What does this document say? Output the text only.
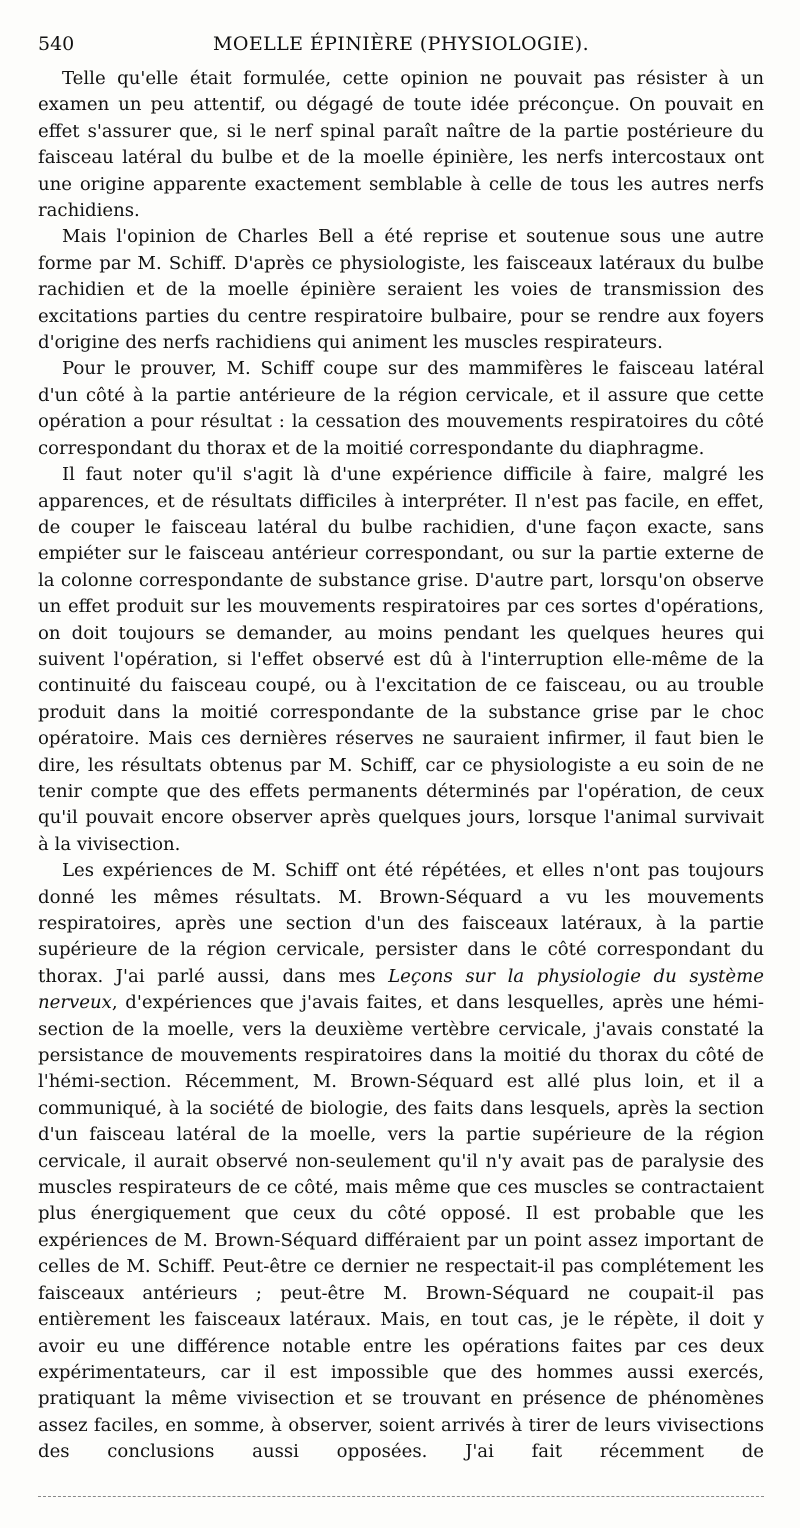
540	MOELLE ÉPINIÈRE (PHYSIOLOGIE).

Telle qu'elle était formulée, cette opinion ne pouvait pas résister à un examen un peu attentif, ou dégagé de toute idée préconçue. On pouvait en effet s'assurer que, si le nerf spinal paraît naître de la partie postérieure du faisceau latéral du bulbe et de la moelle épinière, les nerfs intercostaux ont une origine apparente exactement semblable à celle de tous les autres nerfs rachidiens.

Mais l'opinion de Charles Bell a été reprise et soutenue sous une autre forme par M. Schiff. D'après ce physiologiste, les faisceaux latéraux du bulbe rachidien et de la moelle épinière seraient les voies de transmission des excitations parties du centre respiratoire bulbaire, pour se rendre aux foyers d'origine des nerfs rachidiens qui animent les muscles respirateurs.

Pour le prouver, M. Schiff coupe sur des mammifères le faisceau latéral d'un côté à la partie antérieure de la région cervicale, et il assure que cette opération a pour résultat : la cessation des mouvements respiratoires du côté correspondant du thorax et de la moitié correspondante du diaphragme.

Il faut noter qu'il s'agit là d'une expérience difficile à faire, malgré les apparences, et de résultats difficiles à interpréter. Il n'est pas facile, en effet, de couper le faisceau latéral du bulbe rachidien, d'une façon exacte, sans empiéter sur le faisceau antérieur correspondant, ou sur la partie externe de la colonne correspondante de substance grise. D'autre part, lorsqu'on observe un effet produit sur les mouvements respiratoires par ces sortes d'opérations, on doit toujours se demander, au moins pendant les quelques heures qui suivent l'opération, si l'effet observé est dû à l'interruption elle-même de la continuité du faisceau coupé, ou à l'excitation de ce faisceau, ou au trouble produit dans la moitié correspondante de la substance grise par le choc opératoire. Mais ces dernières réserves ne sauraient infirmer, il faut bien le dire, les résultats obtenus par M. Schiff, car ce physiologiste a eu soin de ne tenir compte que des effets permanents déterminés par l'opération, de ceux qu'il pouvait encore observer après quelques jours, lorsque l'animal survivait à la vivisection.

Les expériences de M. Schiff ont été répétées, et elles n'ont pas toujours donné les mêmes résultats. M. Brown-Séquard a vu les mouvements respiratoires, après une section d'un des faisceaux latéraux, à la partie supérieure de la région cervicale, persister dans le côté correspondant du thorax. J'ai parlé aussi, dans mes Leçons sur la physiologie du système nerveux, d'expériences que j'avais faites, et dans lesquelles, après une hémi-section de la moelle, vers la deuxième vertèbre cervicale, j'avais constaté la persistance de mouvements respiratoires dans la moitié du thorax du côté de l'hémi-section. Récemment, M. Brown-Séquard est allé plus loin, et il a communiqué, à la société de biologie, des faits dans lesquels, après la section d'un faisceau latéral de la moelle, vers la partie supérieure de la région cervicale, il aurait observé non-seulement qu'il n'y avait pas de paralysie des muscles respirateurs de ce côté, mais même que ces muscles se contractaient plus énergiquement que ceux du côté opposé. Il est probable que les expériences de M. Brown-Séquard différaient par un point assez important de celles de M. Schiff. Peut-être ce dernier ne respectait-il pas complétement les faisceaux antérieurs ; peut-être M. Brown-Séquard ne coupait-il pas entièrement les faisceaux latéraux. Mais, en tout cas, je le répète, il doit y avoir eu une différence notable entre les opérations faites par ces deux expérimentateurs, car il est impossible que des hommes aussi exercés, pratiquant la même vivisection et se trouvant en présence de phénomènes assez faciles, en somme, à observer, soient arrivés à tirer de leurs vivisections des conclusions aussi opposées. J'ai fait récemment de
